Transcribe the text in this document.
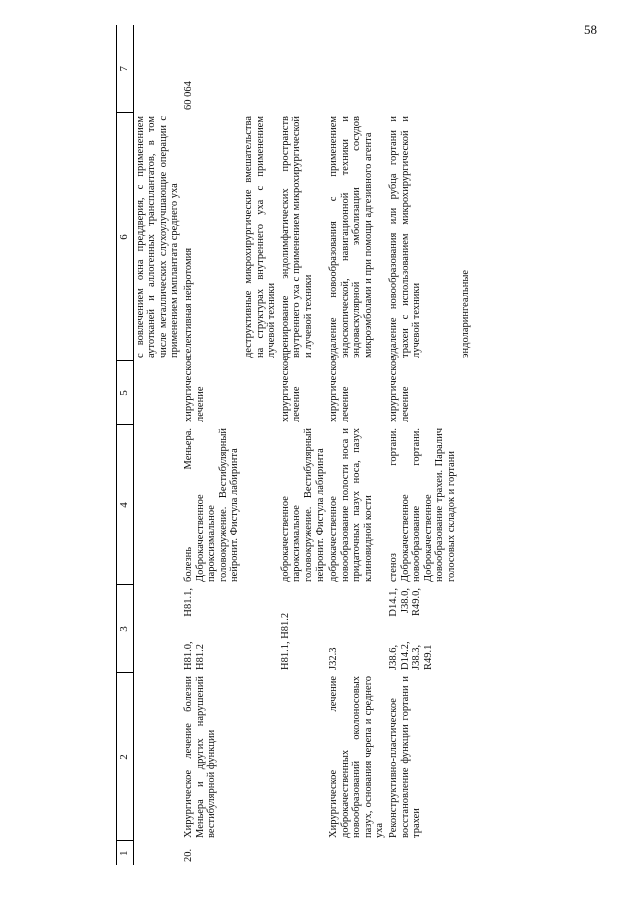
58
1	2	3	4	5	6	7
					с вовлечением окна преддверия, с применением аутотканей и аллогенных трансплантатов, в том числе металлических слухоулучшающие операции с применением имплантата среднего уха	
20.	Хирургическое лечение болезни Меньера и других нарушений вестибулярной функции	H81.0, H81.1, H81.2	болезнь Меньера. Доброкачественное пароксизмальное головокружение. Вестибулярный нейронит. Фистула лабиринта	хирургическое лечение	селективная нейротомия	60 064
					деструктивные микрохирургические вмешательства на структурах внутреннего уха с применением лучевой техники	
		H81.1, H81.2	доброкачественное пароксизмальное головокружение. Вестибулярный нейронит. Фистула лабиринта	хирургическое лечение	дренирование эндолимфатических пространств внутреннего уха с применением микрохирургической и лучевой техники	
	Хирургическое лечение доброкачественных новообразований околоносовых пазух, основания черепа и среднего уха	J32.3	доброкачественное новообразование полости носа и придаточных пазух носа, пазух клиновидной кости	хирургическое лечение	удаление новообразования с применением эндоскопической, навигационной техники и эндоваскулярной эмболизации сосудов микроэмболами и при помощи адгезивного агента	
	Реконструктивно-пластическое восстановление функции гортани и трахеи	J38.6, D14.1, D14.2, J38.0, J38.3, R49.0, R49.1	стеноз гортани. Доброкачественное новообразование гортани. Доброкачественное новообразование трахеи. Паралич голосовых складок и гортани	хирургическое лечение	удаление новообразования или рубца гортани и трахеи с использованием микрохирургической и лучевой техники	
					эндоларингеальные	
